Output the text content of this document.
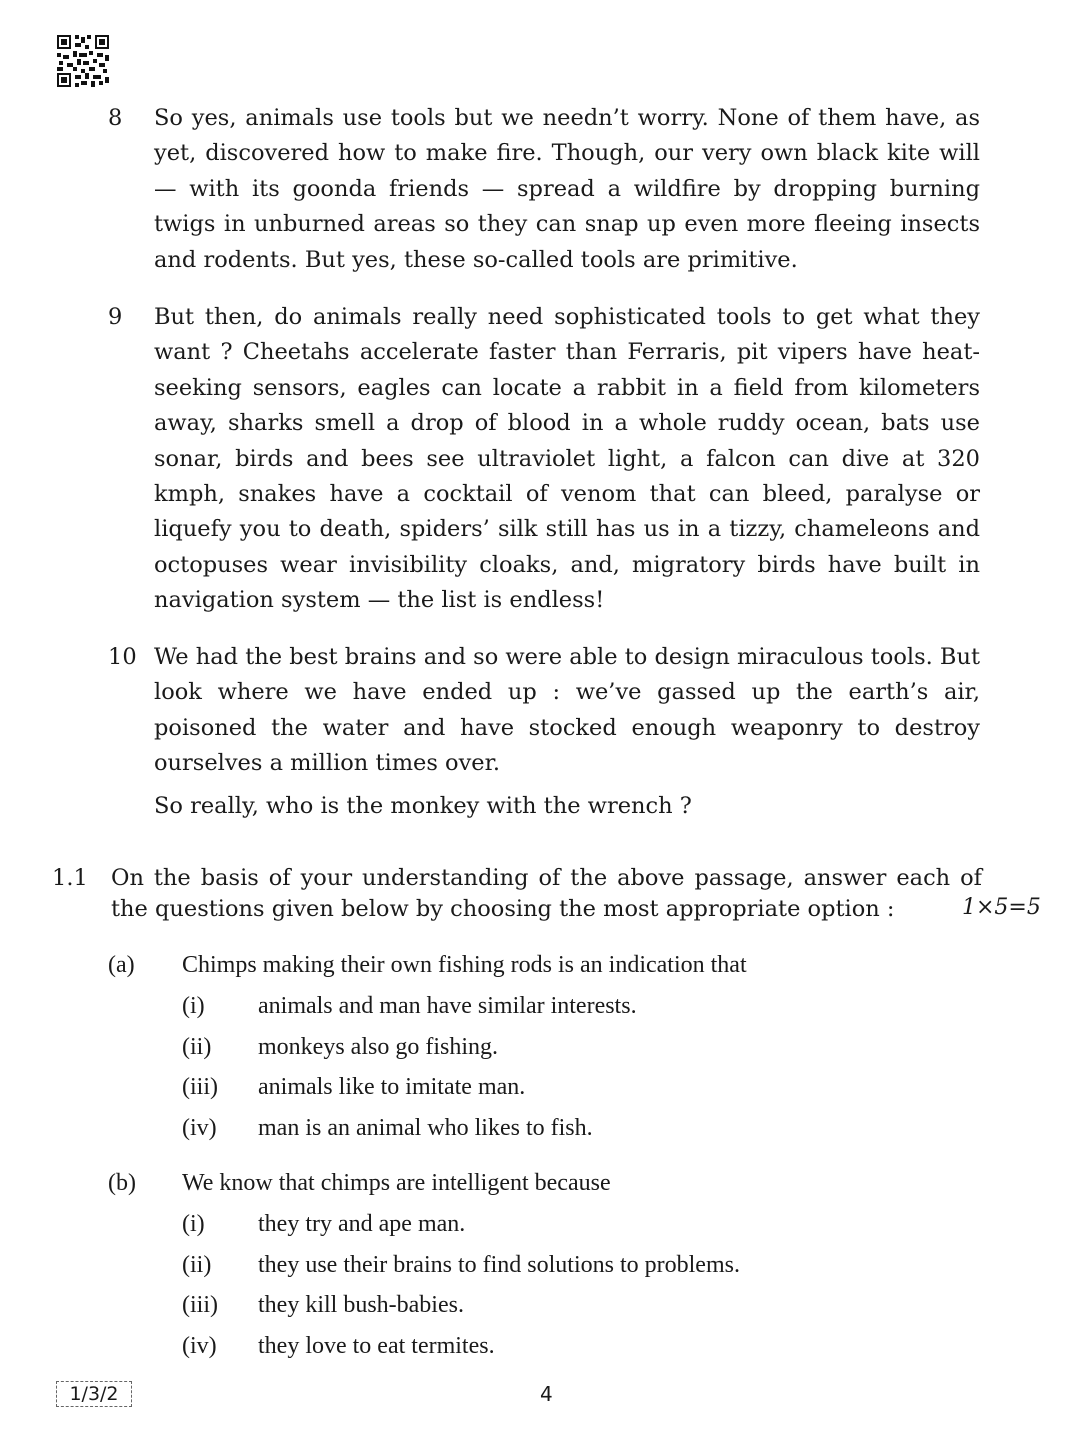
8 So yes, animals use tools but we needn’t worry. None of them have, as yet, discovered how to make fire. Though, our very own black kite will — with its goonda friends — spread a wildfire by dropping burning twigs in unburned areas so they can snap up even more fleeing insects and rodents. But yes, these so-called tools are primitive.
9 But then, do animals really need sophisticated tools to get what they want ? Cheetahs accelerate faster than Ferraris, pit vipers have heat-seeking sensors, eagles can locate a rabbit in a field from kilometers away, sharks smell a drop of blood in a whole ruddy ocean, bats use sonar, birds and bees see ultraviolet light, a falcon can dive at 320 kmph, snakes have a cocktail of venom that can bleed, paralyse or liquefy you to death, spiders’ silk still has us in a tizzy, chameleons and octopuses wear invisibility cloaks, and, migratory birds have built in navigation system — the list is endless!
10 We had the best brains and so were able to design miraculous tools. But look where we have ended up : we’ve gassed up the earth’s air, poisoned the water and have stocked enough weaponry to destroy ourselves a million times over.
So really, who is the monkey with the wrench ?
1.1 On the basis of your understanding of the above passage, answer each of the questions given below by choosing the most appropriate option :	1×5=5
(a) Chimps making their own fishing rods is an indication that
(i) animals and man have similar interests.
(ii) monkeys also go fishing.
(iii) animals like to imitate man.
(iv) man is an animal who likes to fish.
(b) We know that chimps are intelligent because
(i) they try and ape man.
(ii) they use their brains to find solutions to problems.
(iii) they kill bush-babies.
(iv) they love to eat termites.
1/3/2	4
